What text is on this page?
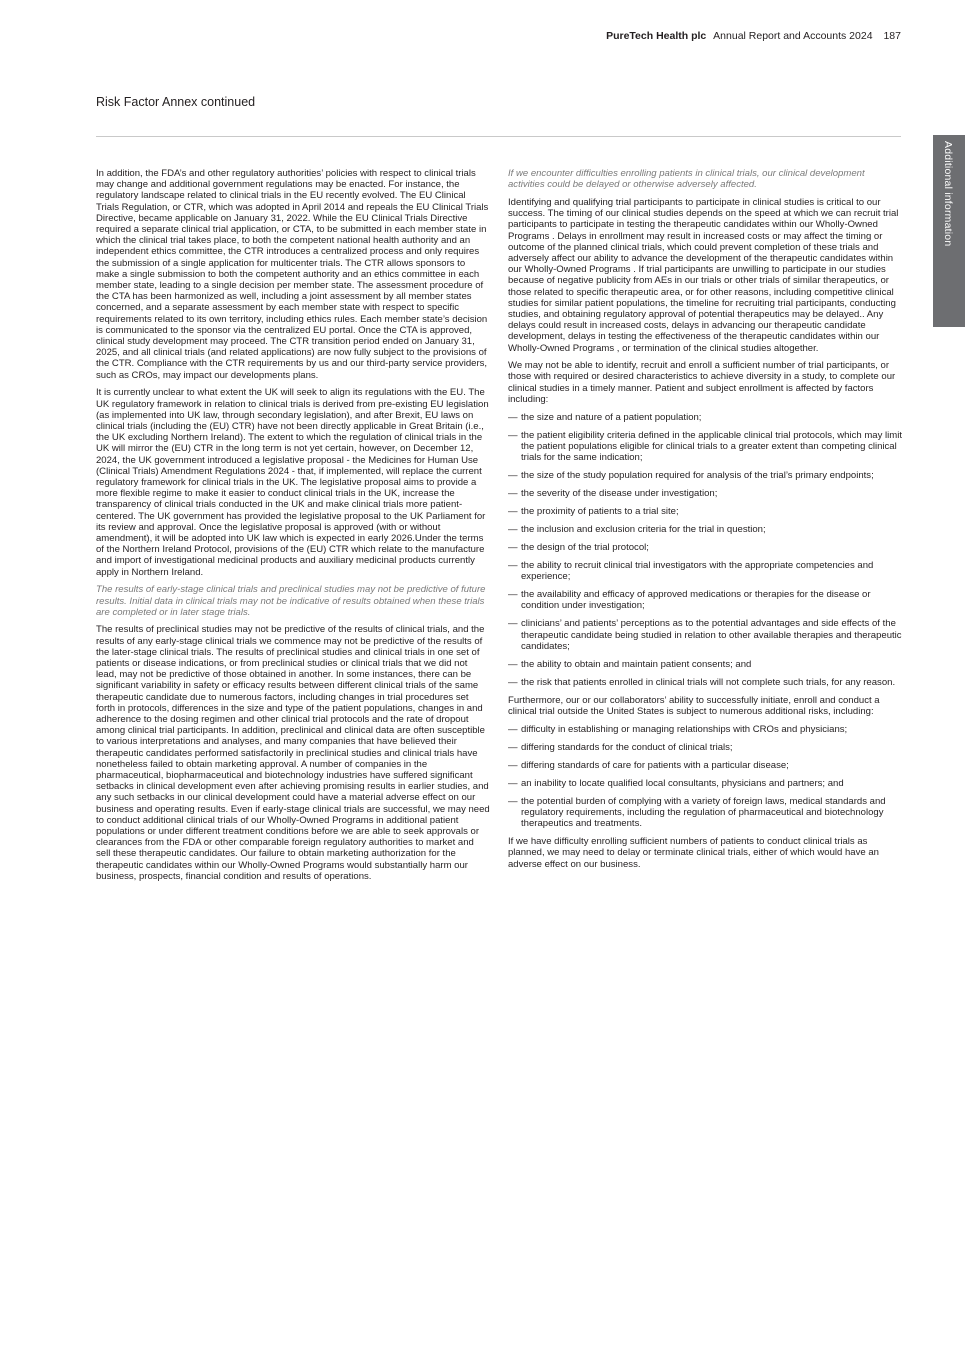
PureTech Health plc Annual Report and Accounts 2024 187
Risk Factor Annex continued
Additional information

In addition, the FDA’s and other regulatory authorities’ policies with respect to clinical trials may change and additional government regulations may be enacted. For instance, the regulatory landscape related to clinical trials in the EU recently evolved. The EU Clinical Trials Regulation, or CTR, which was adopted in April 2014 and repeals the EU Clinical Trials Directive, became applicable on January 31, 2022. While the EU Clinical Trials Directive required a separate clinical trial application, or CTA, to be submitted in each member state in which the clinical trial takes place, to both the competent national health authority and an independent ethics committee, the CTR introduces a centralized process and only requires the submission of a single application for multicenter trials. The CTR allows sponsors to make a single submission to both the competent authority and an ethics committee in each member state, leading to a single decision per member state. The assessment procedure of the CTA has been harmonized as well, including a joint assessment by all member states concerned, and a separate assessment by each member state with respect to specific requirements related to its own territory, including ethics rules. Each member state’s decision is communicated to the sponsor via the centralized EU portal. Once the CTA is approved, clinical study development may proceed. The CTR transition period ended on January 31, 2025, and all clinical trials (and related applications) are now fully subject to the provisions of the CTR. Compliance with the CTR requirements by us and our third-party service providers, such as CROs, may impact our developments plans.

It is currently unclear to what extent the UK will seek to align its regulations with the EU. The UK regulatory framework in relation to clinical trials is derived from pre-existing EU legislation (as implemented into UK law, through secondary legislation), and after Brexit, EU laws on clinical trials (including the (EU) CTR) have not been directly applicable in Great Britain (i.e., the UK excluding Northern Ireland). The extent to which the regulation of clinical trials in the UK will mirror the (EU) CTR in the long term is not yet certain, however, on December 12, 2024, the UK government introduced a legislative proposal - the Medicines for Human Use (Clinical Trials) Amendment Regulations 2024 - that, if implemented, will replace the current regulatory framework for clinical trials in the UK. The legislative proposal aims to provide a more flexible regime to make it easier to conduct clinical trials in the UK, increase the transparency of clinical trials conducted in the UK and make clinical trials more patient-centered. The UK government has provided the legislative proposal to the UK Parliament for its review and approval. Once the legislative proposal is approved (with or without amendment), it will be adopted into UK law which is expected in early 2026.Under the terms of the Northern Ireland Protocol, provisions of the (EU) CTR which relate to the manufacture and import of investigational medicinal products and auxiliary medicinal products currently apply in Northern Ireland.

The results of early-stage clinical trials and preclinical studies may not be predictive of future results. Initial data in clinical trials may not be indicative of results obtained when these trials are completed or in later stage trials.

The results of preclinical studies may not be predictive of the results of clinical trials, and the results of any early-stage clinical trials we commence may not be predictive of the results of the later-stage clinical trials. The results of preclinical studies and clinical trials in one set of patients or disease indications, or from preclinical studies or clinical trials that we did not lead, may not be predictive of those obtained in another. In some instances, there can be significant variability in safety or efficacy results between different clinical trials of the same therapeutic candidate due to numerous factors, including changes in trial procedures set forth in protocols, differences in the size and type of the patient populations, changes in and adherence to the dosing regimen and other clinical trial protocols and the rate of dropout among clinical trial participants. In addition, preclinical and clinical data are often susceptible to various interpretations and analyses, and many companies that have believed their therapeutic candidates performed satisfactorily in preclinical studies and clinical trials have nonetheless failed to obtain marketing approval. A number of companies in the pharmaceutical, biopharmaceutical and biotechnology industries have suffered significant setbacks in clinical development even after achieving promising results in earlier studies, and any such setbacks in our clinical development could have a material adverse effect on our business and operating results. Even if early-stage clinical trials are successful, we may need to conduct additional clinical trials of our Wholly-Owned Programs in additional patient populations or under different treatment conditions before we are able to seek approvals or clearances from the FDA or other comparable foreign regulatory authorities to market and sell these therapeutic candidates. Our failure to obtain marketing authorization for the therapeutic candidates within our Wholly-Owned Programs would substantially harm our business, prospects, financial condition and results of operations.

If we encounter difficulties enrolling patients in clinical trials, our clinical development activities could be delayed or otherwise adversely affected.

Identifying and qualifying trial participants to participate in clinical studies is critical to our success. The timing of our clinical studies depends on the speed at which we can recruit trial participants to participate in testing the therapeutic candidates within our Wholly-Owned Programs . Delays in enrollment may result in increased costs or may affect the timing or outcome of the planned clinical trials, which could prevent completion of these trials and adversely affect our ability to advance the development of the therapeutic candidates within our Wholly-Owned Programs . If trial participants are unwilling to participate in our studies because of negative publicity from AEs in our trials or other trials of similar therapeutics, or those related to specific therapeutic area, or for other reasons, including competitive clinical studies for similar patient populations, the timeline for recruiting trial participants, conducting studies, and obtaining regulatory approval of potential therapeutics may be delayed.. Any delays could result in increased costs, delays in advancing our therapeutic candidate development, delays in testing the effectiveness of the therapeutic candidates within our Wholly-Owned Programs , or termination of the clinical studies altogether.

We may not be able to identify, recruit and enroll a sufficient number of trial participants, or those with required or desired characteristics to achieve diversity in a study, to complete our clinical studies in a timely manner. Patient and subject enrollment is affected by factors including:

— the size and nature of a patient population;
— the patient eligibility criteria defined in the applicable clinical trial protocols, which may limit the patient populations eligible for clinical trials to a greater extent than competing clinical trials for the same indication;
— the size of the study population required for analysis of the trial’s primary endpoints;
— the severity of the disease under investigation;
— the proximity of patients to a trial site;
— the inclusion and exclusion criteria for the trial in question;
— the design of the trial protocol;
— the ability to recruit clinical trial investigators with the appropriate competencies and experience;
— the availability and efficacy of approved medications or therapies for the disease or condition under investigation;
— clinicians’ and patients’ perceptions as to the potential advantages and side effects of the therapeutic candidate being studied in relation to other available therapies and therapeutic candidates;
— the ability to obtain and maintain patient consents; and
— the risk that patients enrolled in clinical trials will not complete such trials, for any reason.

Furthermore, our or our collaborators’ ability to successfully initiate, enroll and conduct a clinical trial outside the United States is subject to numerous additional risks, including:

— difficulty in establishing or managing relationships with CROs and physicians;
— differing standards for the conduct of clinical trials;
— differing standards of care for patients with a particular disease;
— an inability to locate qualified local consultants, physicians and partners; and
— the potential burden of complying with a variety of foreign laws, medical standards and regulatory requirements, including the regulation of pharmaceutical and biotechnology therapeutics and treatments.

If we have difficulty enrolling sufficient numbers of patients to conduct clinical trials as planned, we may need to delay or terminate clinical trials, either of which would have an adverse effect on our business.
